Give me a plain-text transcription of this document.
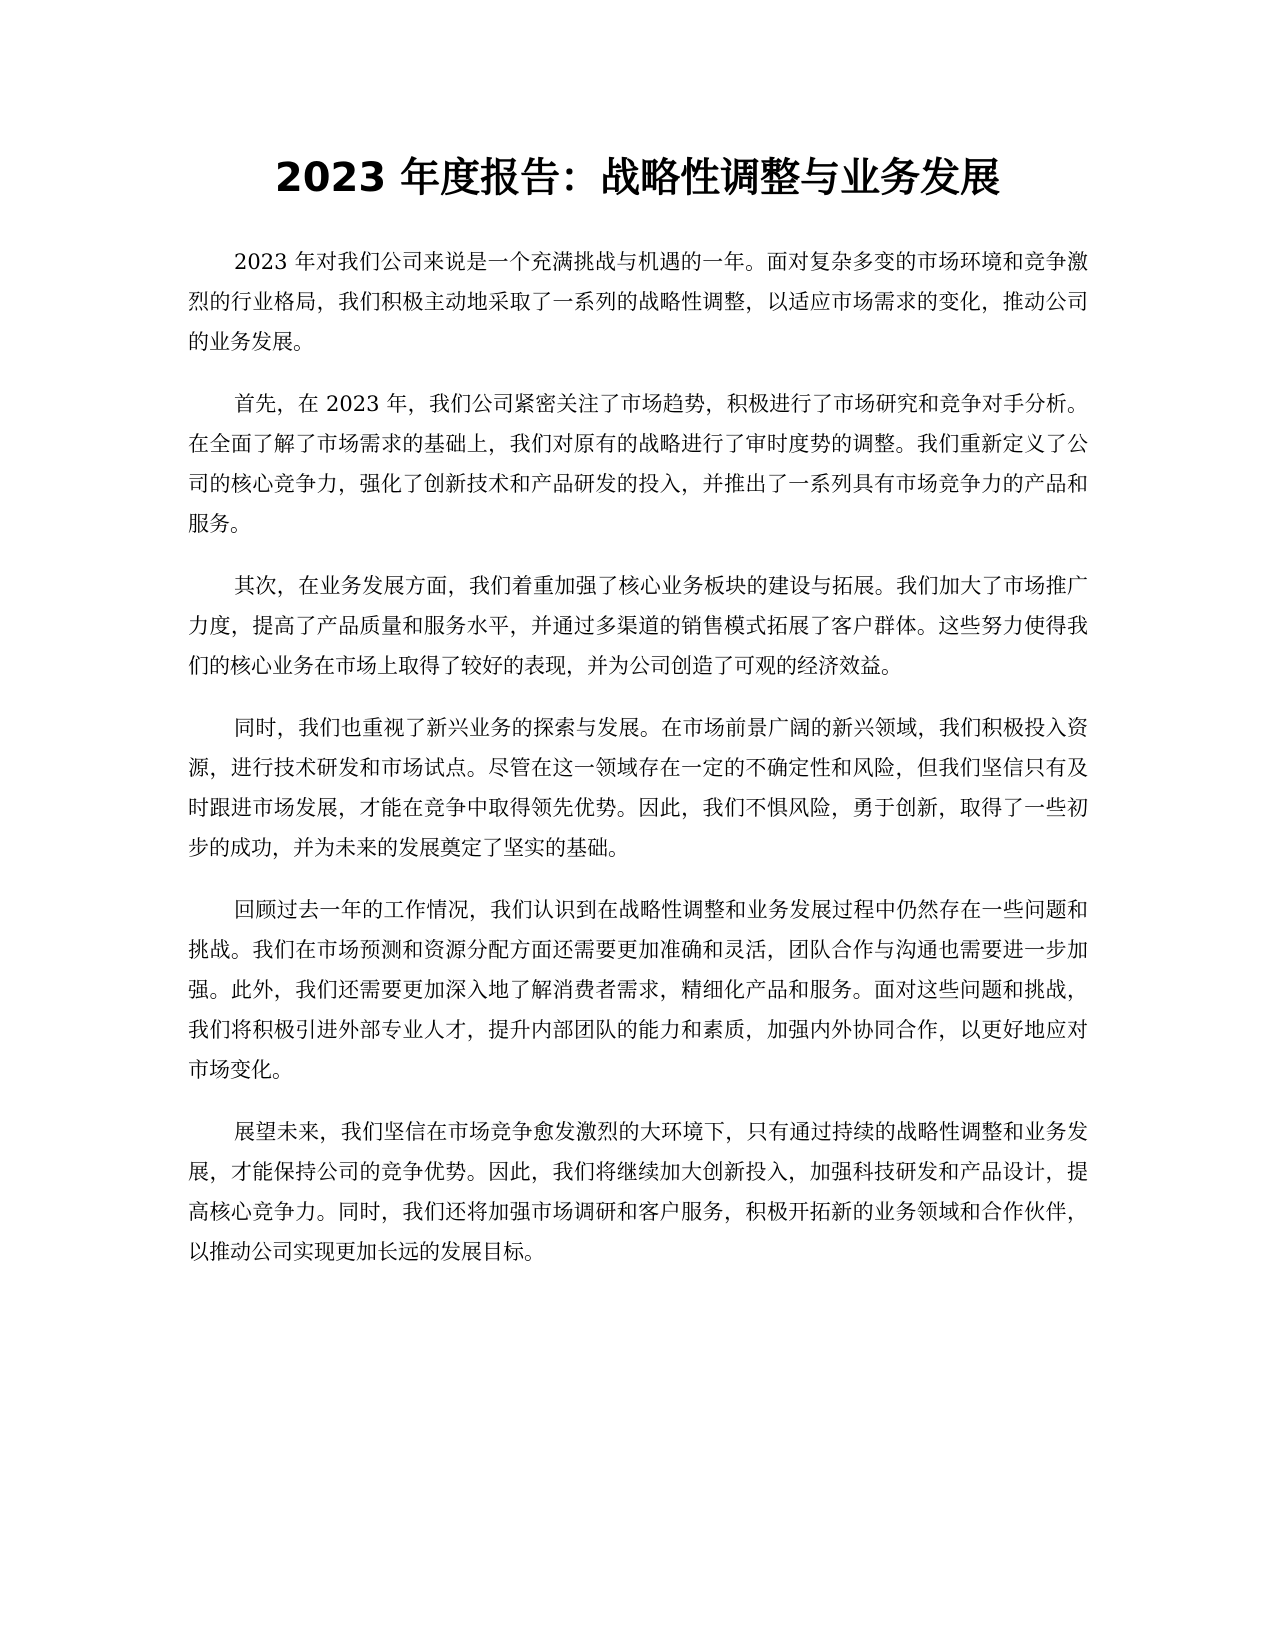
2023 年度报告：战略性调整与业务发展

2023 年对我们公司来说是一个充满挑战与机遇的一年。面对复杂多变的市场环境和竞争激烈的行业格局，我们积极主动地采取了一系列的战略性调整，以适应市场需求的变化，推动公司的业务发展。

首先，在 2023 年，我们公司紧密关注了市场趋势，积极进行了市场研究和竞争对手分析。在全面了解了市场需求的基础上，我们对原有的战略进行了审时度势的调整。我们重新定义了公司的核心竞争力，强化了创新技术和产品研发的投入，并推出了一系列具有市场竞争力的产品和服务。

其次，在业务发展方面，我们着重加强了核心业务板块的建设与拓展。我们加大了市场推广力度，提高了产品质量和服务水平，并通过多渠道的销售模式拓展了客户群体。这些努力使得我们的核心业务在市场上取得了较好的表现，并为公司创造了可观的经济效益。

同时，我们也重视了新兴业务的探索与发展。在市场前景广阔的新兴领域，我们积极投入资源，进行技术研发和市场试点。尽管在这一领域存在一定的不确定性和风险，但我们坚信只有及时跟进市场发展，才能在竞争中取得领先优势。因此，我们不惧风险，勇于创新，取得了一些初步的成功，并为未来的发展奠定了坚实的基础。

回顾过去一年的工作情况，我们认识到在战略性调整和业务发展过程中仍然存在一些问题和挑战。我们在市场预测和资源分配方面还需要更加准确和灵活，团队合作与沟通也需要进一步加强。此外，我们还需要更加深入地了解消费者需求，精细化产品和服务。面对这些问题和挑战，我们将积极引进外部专业人才，提升内部团队的能力和素质，加强内外协同合作，以更好地应对市场变化。

展望未来，我们坚信在市场竞争愈发激烈的大环境下，只有通过持续的战略性调整和业务发展，才能保持公司的竞争优势。因此，我们将继续加大创新投入，加强科技研发和产品设计，提高核心竞争力。同时，我们还将加强市场调研和客户服务，积极开拓新的业务领域和合作伙伴，以推动公司实现更加长远的发展目标。
